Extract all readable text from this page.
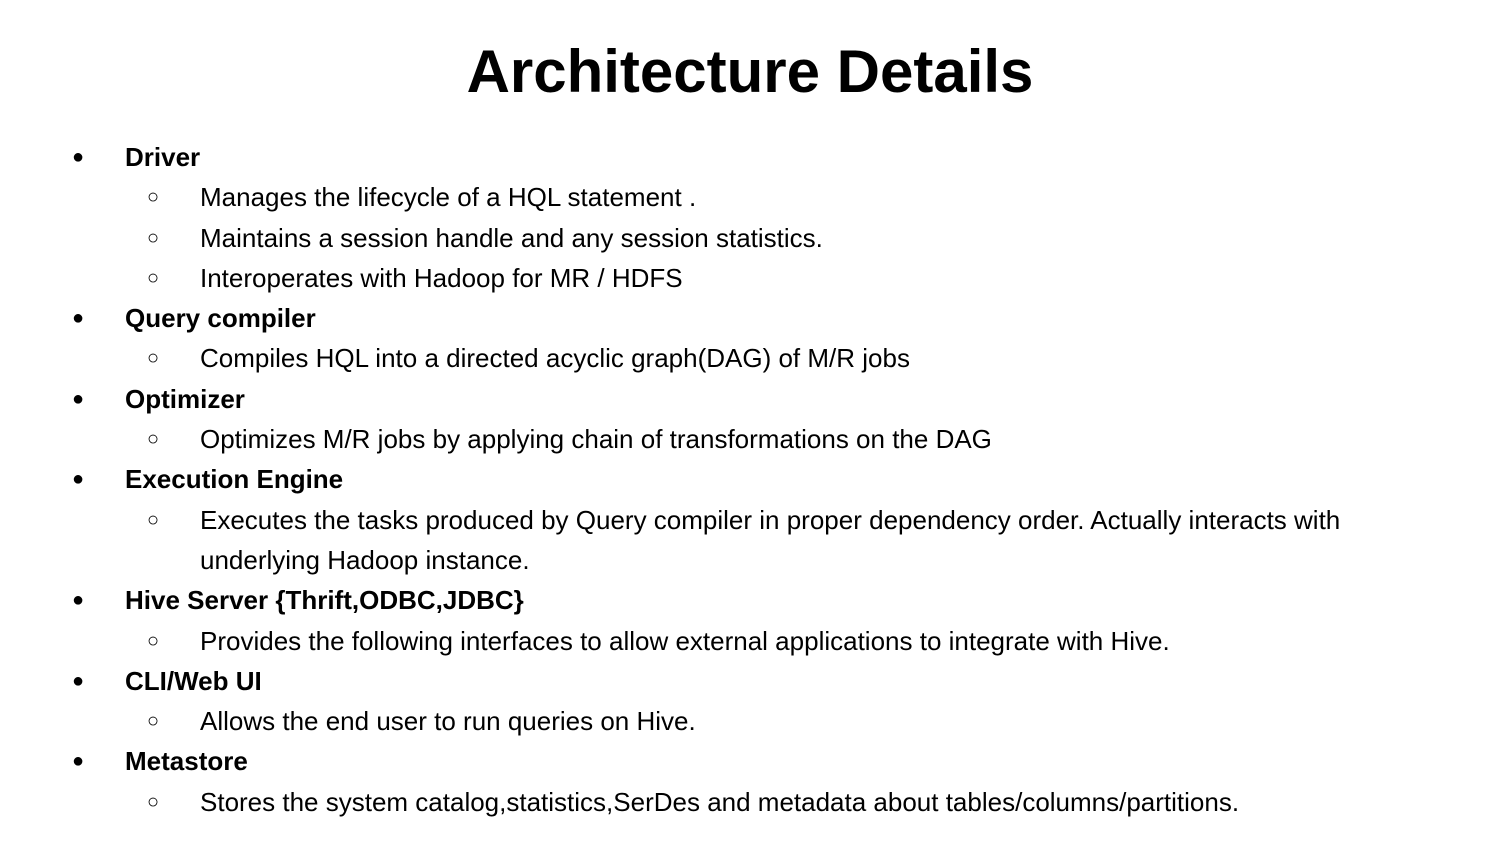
Architecture Details
● Driver
○ Manages the lifecycle of a HQL statement .
○ Maintains a session handle and any session statistics.
○ Interoperates with Hadoop for MR / HDFS
● Query compiler
○ Compiles HQL into a directed acyclic graph(DAG) of M/R jobs
● Optimizer
○ Optimizes M/R jobs by applying chain of transformations on the DAG
● Execution Engine
○ Executes the tasks produced by Query compiler in proper dependency order. Actually interacts with underlying Hadoop instance.
● Hive Server {Thrift,ODBC,JDBC}
○ Provides the following interfaces to allow external applications to integrate with Hive.
● CLI/Web UI
○ Allows the end user to run queries on Hive.
● Metastore
○ Stores the system catalog,statistics,SerDes and metadata about tables/columns/partitions.
